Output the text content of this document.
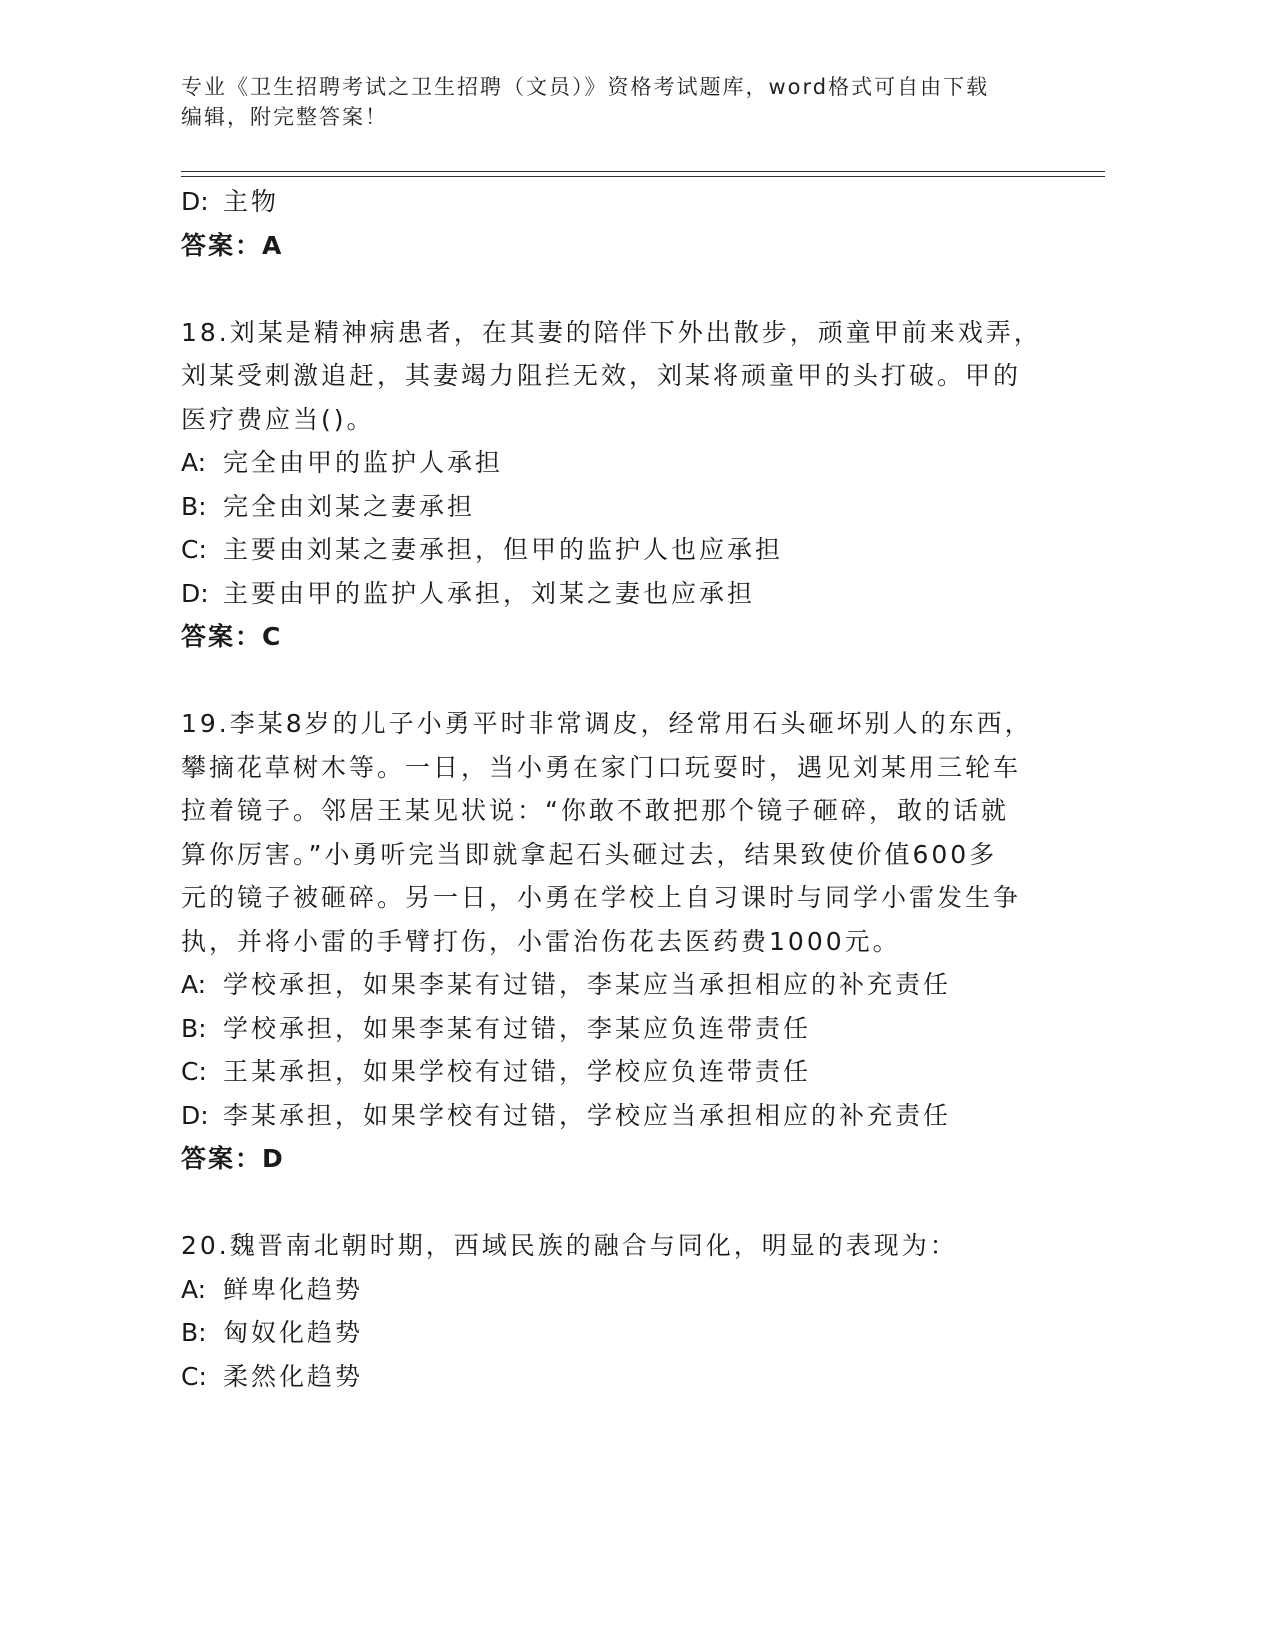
专业《卫生招聘考试之卫生招聘（文员）》资格考试题库，word格式可自由下载
编辑，附完整答案！
D: 主物
答案：A
18.刘某是精神病患者，在其妻的陪伴下外出散步，顽童甲前来戏弄，
刘某受刺激追赶，其妻竭力阻拦无效，刘某将顽童甲的头打破。甲的
医疗费应当()。
A: 完全由甲的监护人承担
B: 完全由刘某之妻承担
C: 主要由刘某之妻承担，但甲的监护人也应承担
D: 主要由甲的监护人承担，刘某之妻也应承担
答案：C
19.李某8岁的儿子小勇平时非常调皮，经常用石头砸坏别人的东西，
攀摘花草树木等。一日，当小勇在家门口玩耍时，遇见刘某用三轮车
拉着镜子。邻居王某见状说：“你敢不敢把那个镜子砸碎，敢的话就
算你厉害。”小勇听完当即就拿起石头砸过去，结果致使价值600多
元的镜子被砸碎。另一日，小勇在学校上自习课时与同学小雷发生争
执，并将小雷的手臂打伤，小雷治伤花去医药费1000元。
A: 学校承担，如果李某有过错，李某应当承担相应的补充责任
B: 学校承担，如果李某有过错，李某应负连带责任
C: 王某承担，如果学校有过错，学校应负连带责任
D: 李某承担，如果学校有过错，学校应当承担相应的补充责任
答案：D
20.魏晋南北朝时期，西域民族的融合与同化，明显的表现为：
A: 鲜卑化趋势
B: 匈奴化趋势
C: 柔然化趋势
